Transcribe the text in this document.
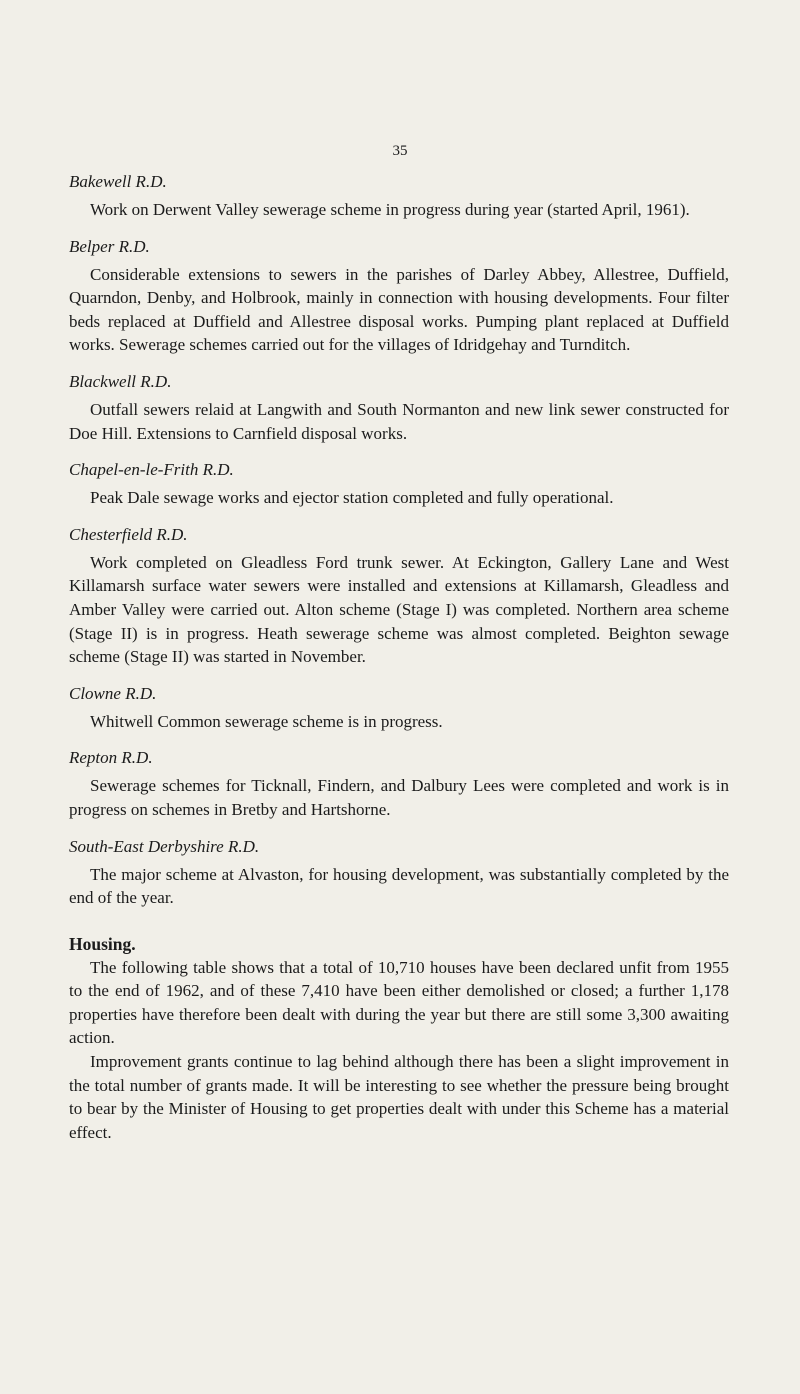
35

Bakewell R.D.

Work on Derwent Valley sewerage scheme in progress during year (started April, 1961).

Belper R.D.

Considerable extensions to sewers in the parishes of Darley Abbey, Allestree, Duffield, Quarndon, Denby, and Holbrook, mainly in connection with housing developments. Four filter beds replaced at Duffield and Allestree disposal works. Pumping plant replaced at Duffield works. Sewerage schemes carried out for the villages of Idridgehay and Turnditch.

Blackwell R.D.

Outfall sewers relaid at Langwith and South Normanton and new link sewer constructed for Doe Hill. Extensions to Carnfield disposal works.

Chapel-en-le-Frith R.D.

Peak Dale sewage works and ejector station completed and fully operational.

Chesterfield R.D.

Work completed on Gleadless Ford trunk sewer. At Eckington, Gallery Lane and West Killamarsh surface water sewers were installed and extensions at Killamarsh, Gleadless and Amber Valley were carried out. Alton scheme (Stage I) was completed. Northern area scheme (Stage II) is in progress. Heath sewerage scheme was almost completed. Beighton sewage scheme (Stage II) was started in November.

Clowne R.D.

Whitwell Common sewerage scheme is in progress.

Repton R.D.

Sewerage schemes for Ticknall, Findern, and Dalbury Lees were completed and work is in progress on schemes in Bretby and Hartshorne.

South-East Derbyshire R.D.

The major scheme at Alvaston, for housing development, was substantially completed by the end of the year.

Housing.

The following table shows that a total of 10,710 houses have been declared unfit from 1955 to the end of 1962, and of these 7,410 have been either demolished or closed; a further 1,178 properties have therefore been dealt with during the year but there are still some 3,300 awaiting action.

Improvement grants continue to lag behind although there has been a slight improvement in the total number of grants made. It will be interesting to see whether the pressure being brought to bear by the Minister of Housing to get properties dealt with under this Scheme has a material effect.
